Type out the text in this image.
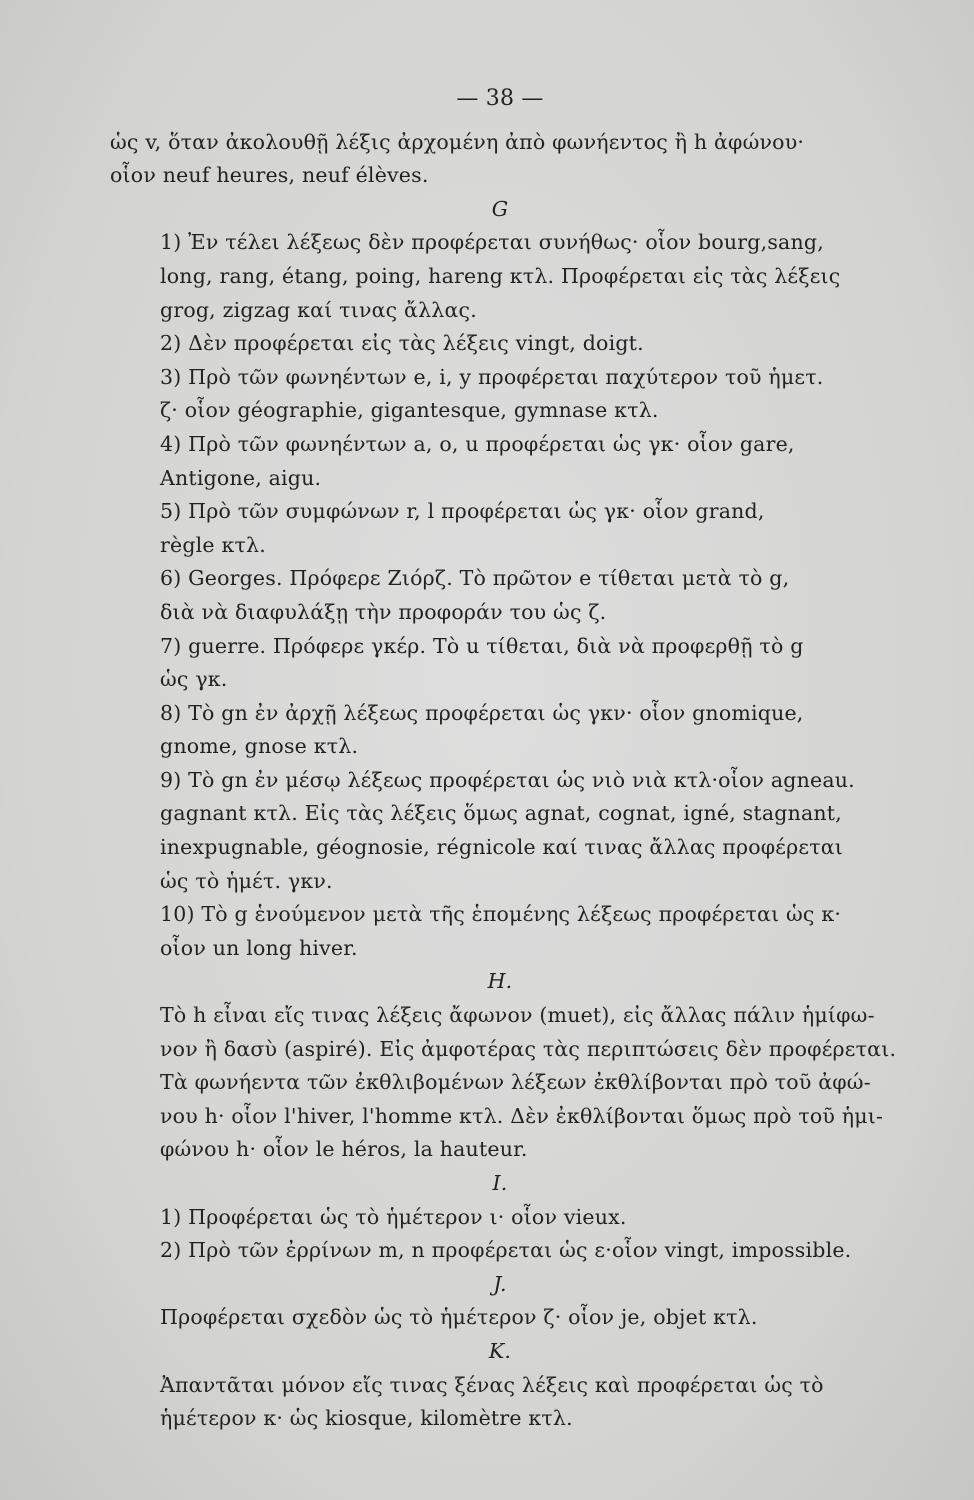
— 38 —

ὡς v, ὅταν ἀκολουθῇ λέξις ἀρχομένη ἀπὸ φωνήεντος ἢ h ἀφώνου·
οἷον neuf heures, neuf élèves.

G

1) Ἐν τέλει λέξεως δὲν προφέρεται συνήθως· οἷον bourg,sang,
long, rang, étang, poing, hareng κτλ. Προφέρεται εἰς τὰς λέξεις
grog, zigzag καί τινας ἄλλας.

2) Δὲν προφέρεται εἰς τὰς λέξεις vingt, doigt.

3) Πρὸ τῶν φωνηέντων e, i, y προφέρεται παχύτερον τοῦ ἡμετ.
ζ· οἷον géographie, gigantesque, gymnase κτλ.

4) Πρὸ τῶν φωνηέντων a, o, u προφέρεται ὡς γκ· οἷον gare,
Antigone, aigu.

5) Πρὸ τῶν συμφώνων r, l προφέρεται ὡς γκ· οἷον grand,
règle κτλ.

6) Georges. Πρόφερε Ζιόρζ. Τὸ πρῶτον e τίθεται μετὰ τὸ g,
διὰ νὰ διαφυλάξῃ τὴν προφοράν του ὡς ζ.

7) guerre. Πρόφερε γκέρ. Τὸ u τίθεται, διὰ νὰ προφερθῇ τὸ g
ὡς γκ.

8) Τὸ gn ἐν ἀρχῇ λέξεως προφέρεται ὡς γκν· οἷον gnomique,
gnome, gnose κτλ.

9) Τὸ gn ἐν μέσῳ λέξεως προφέρεται ὡς νιὸ νιὰ κτλ·οἷον agneau.
gagnant κτλ. Εἰς τὰς λέξεις ὅμως agnat, cognat, igné, stagnant,
inexpugnable, géognosie, régnicole καί τινας ἄλλας προφέρεται
ὡς τὸ ἡμέτ. γκν.

10) Τὸ g ἑνούμενον μετὰ τῆς ἑπομένης λέξεως προφέρεται ὡς κ·
οἷον un long hiver.

H.

Τὸ h εἶναι εἴς τινας λέξεις ἄφωνον (muet), εἰς ἄλλας πάλιν ἡμίφω-
νον ἢ δασὺ (aspiré). Εἰς ἀμφοτέρας τὰς περιπτώσεις δὲν προφέρεται.

Τὰ φωνήεντα τῶν ἐκθλιβομένων λέξεων ἐκθλίβονται πρὸ τοῦ ἀφώ-
νου h· οἷον l'hiver, l'homme κτλ. Δὲν ἐκθλίβονται ὅμως πρὸ τοῦ ἡμι-
φώνου h· οἷον le héros, la hauteur.

I.

1) Προφέρεται ὡς τὸ ἡμέτερον ι· οἷον vieux.

2) Πρὸ τῶν ἐρρίνων m, n προφέρεται ὡς ε·οἷον vingt, impossible.

J.

Προφέρεται σχεδὸν ὡς τὸ ἡμέτερον ζ· οἷον je, objet κτλ.

K.

Ἀπαντᾶται μόνον εἴς τινας ξένας λέξεις καὶ προφέρεται ὡς τὸ
ἡμέτερον κ· ὡς kiosque, kilomètre κτλ.
